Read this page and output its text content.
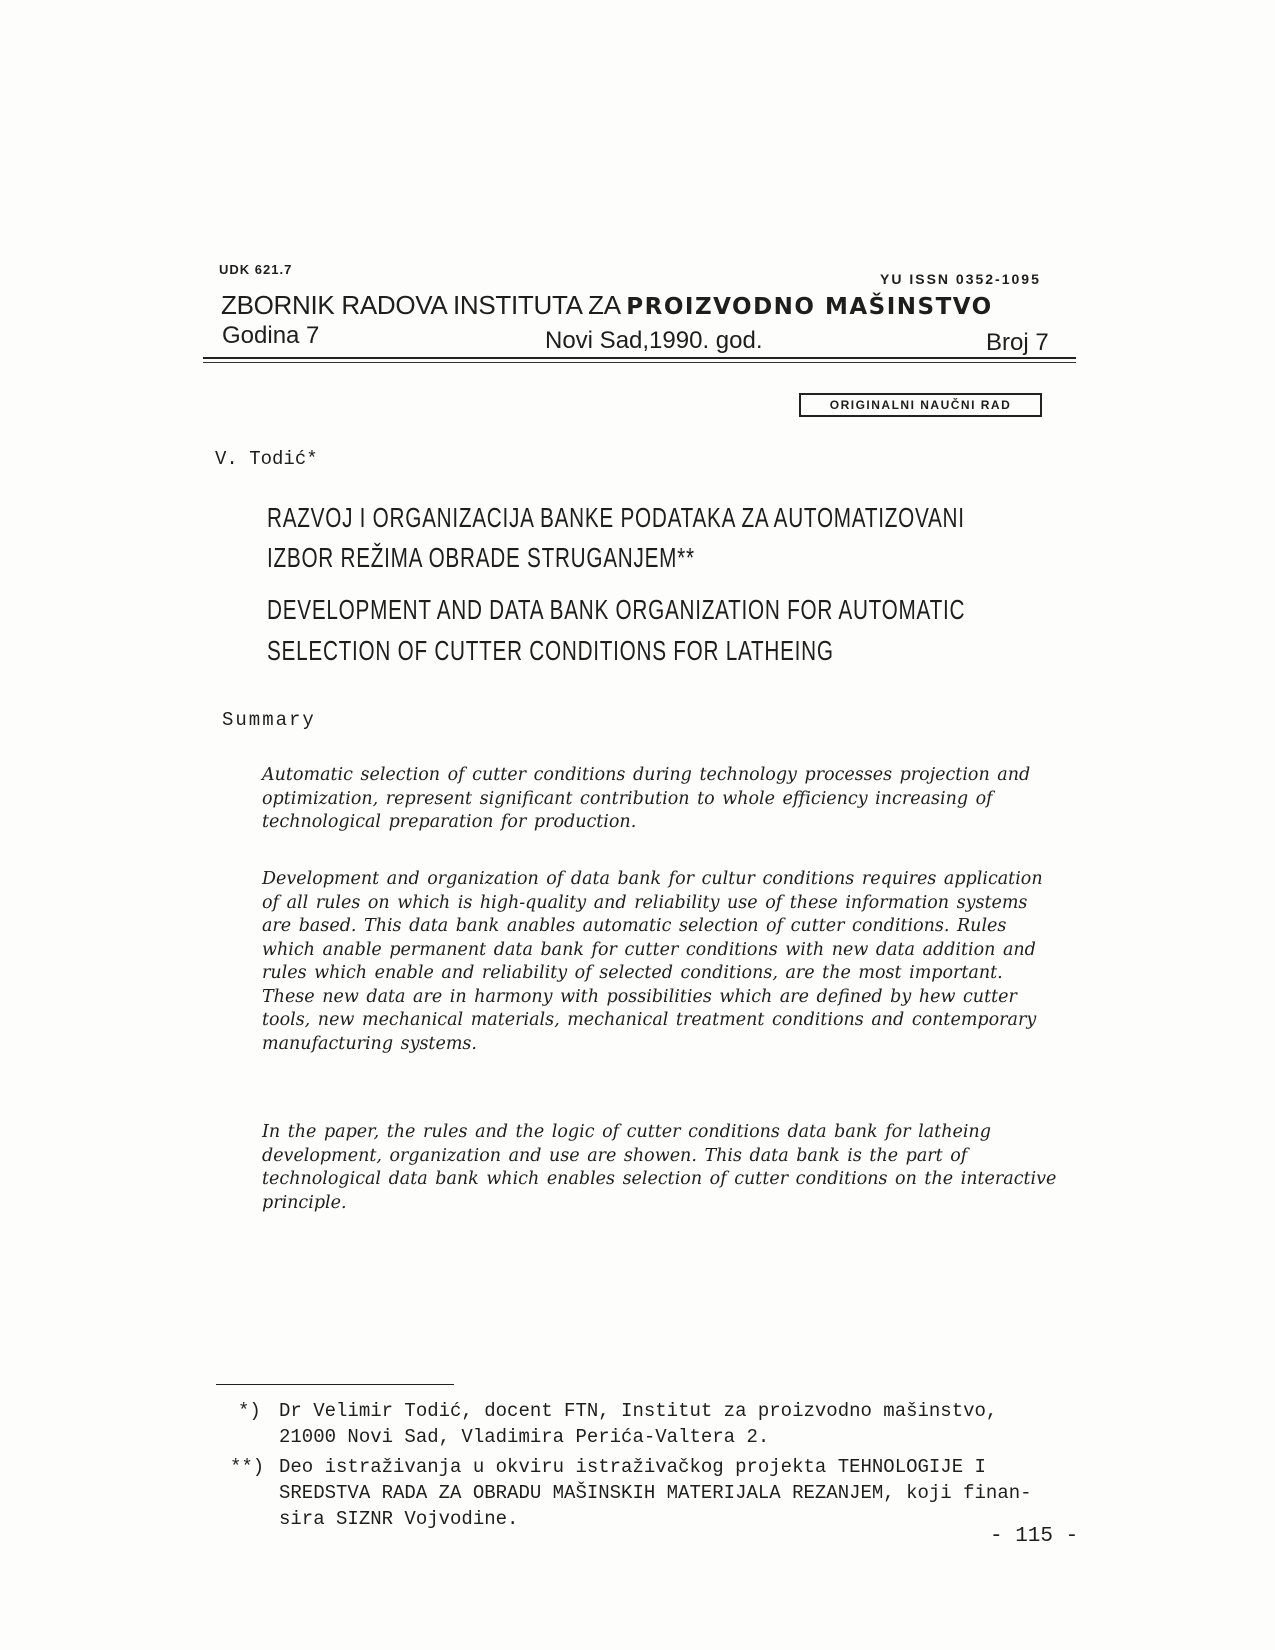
UDK 621.7
YU ISSN 0352-1095
ZBORNIK RADOVA INSTITUTA ZA PROIZVODNO MAŠINSTVO
Godina 7	Novi Sad,1990. god.	Broj 7
ORIGINALNI NAUČNI RAD
V. Todić*
RAZVOJ I ORGANIZACIJA BANKE PODATAKA ZA AUTOMATIZOVANI
IZBOR REŽIMA OBRADE STRUGANJEM**
DEVELOPMENT AND DATA BANK ORGANIZATION FOR AUTOMATIC
SELECTION OF CUTTER CONDITIONS FOR LATHEING
Summary

Automatic selection of cutter conditions during technology processes projection and optimization, represent significant contribution to whole efficiency increasing of technological preparation for production.

Development and organization of data bank for cultur conditions requires application of all rules on which is high-quality and reliability use of these information systems are based. This data bank anables automatic selection of cutter conditions. Rules which anable permanent data bank for cutter conditions with new data addition and rules which enable and reliability of selected conditions, are the most important. These new data are in harmony with possibilities which are defined by hew cutter tools, new mechanical materials, mechanical treatment conditions and contemporary manufacturing systems.

In the paper, the rules and the logic of cutter conditions data bank for latheing development, organization and use are showen. This data bank is the part of technological data bank which enables selection of cutter conditions on the interactive principle.

*) Dr Velimir Todić, docent FTN, Institut za proizvodno mašinstvo,
21000 Novi Sad, Vladimira Perića-Valtera 2.
**) Deo istraživanja u okviru istraživačkog projekta TEHNOLOGIJE I
SREDSTVA RADA ZA OBRADU MAŠINSKIH MATERIJALA REZANJEM, koji finan-
sira SIZNR Vojvodine.
- 115 -
